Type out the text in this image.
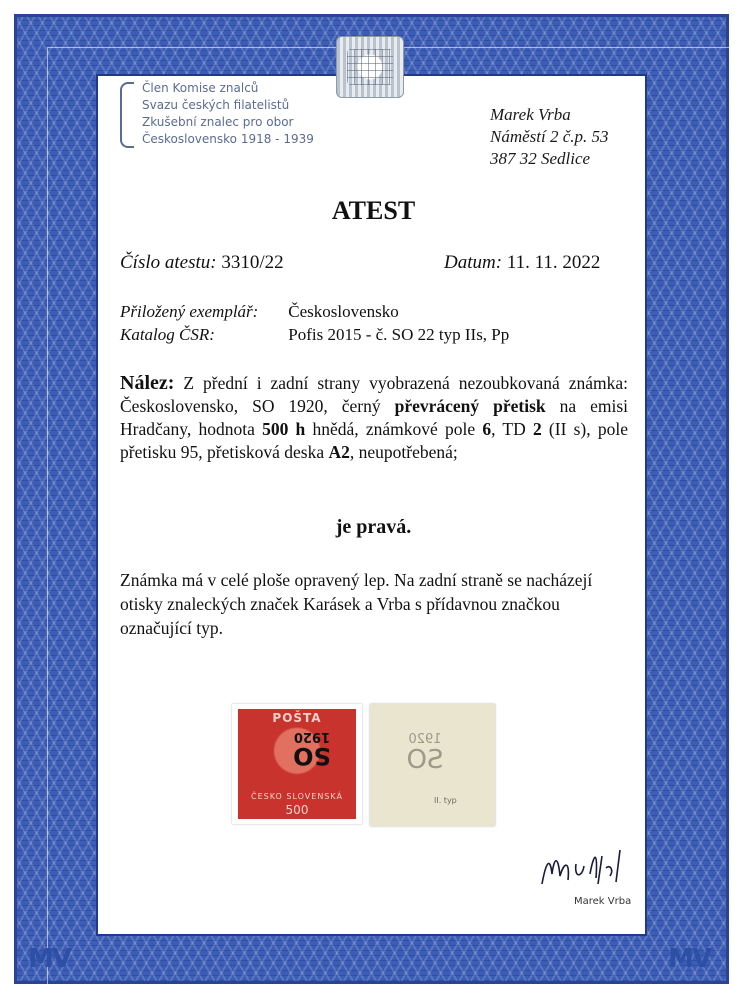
MV	MV
Člen Komise znalců
Svazu českých filatelistů
Zkušební znalec pro obor
Československo 1918 - 1939
Marek Vrba
Náměstí 2 č.p. 53
387 32 Sedlice
ATEST
Číslo atestu: 3310/22	Datum: 11. 11. 2022
Přiložený exemplář: Československo
Katalog ČSR:	Pofis 2015 - č. SO 22 typ IIs, Pp
Nález: Z přední i zadní strany vyobrazená nezoubkovaná známka: Československo, SO 1920, černý převrácený přetisk na emisi Hradčany, hodnota 500 h hnědá, známkové pole 6, TD 2 (II s), pole přetisku 95, přetisková deska A2, neupotřebená;
je pravá.
Známka má v celé ploše opravený lep. Na zadní straně se nacházejí otisky znaleckých značek Karásek a Vrba s přídavnou značkou označující typ.
POŠTA
SO
1920
ČESKO SLOVENSKÁ
500
1920
SO
II. typ
Marek Vrba
